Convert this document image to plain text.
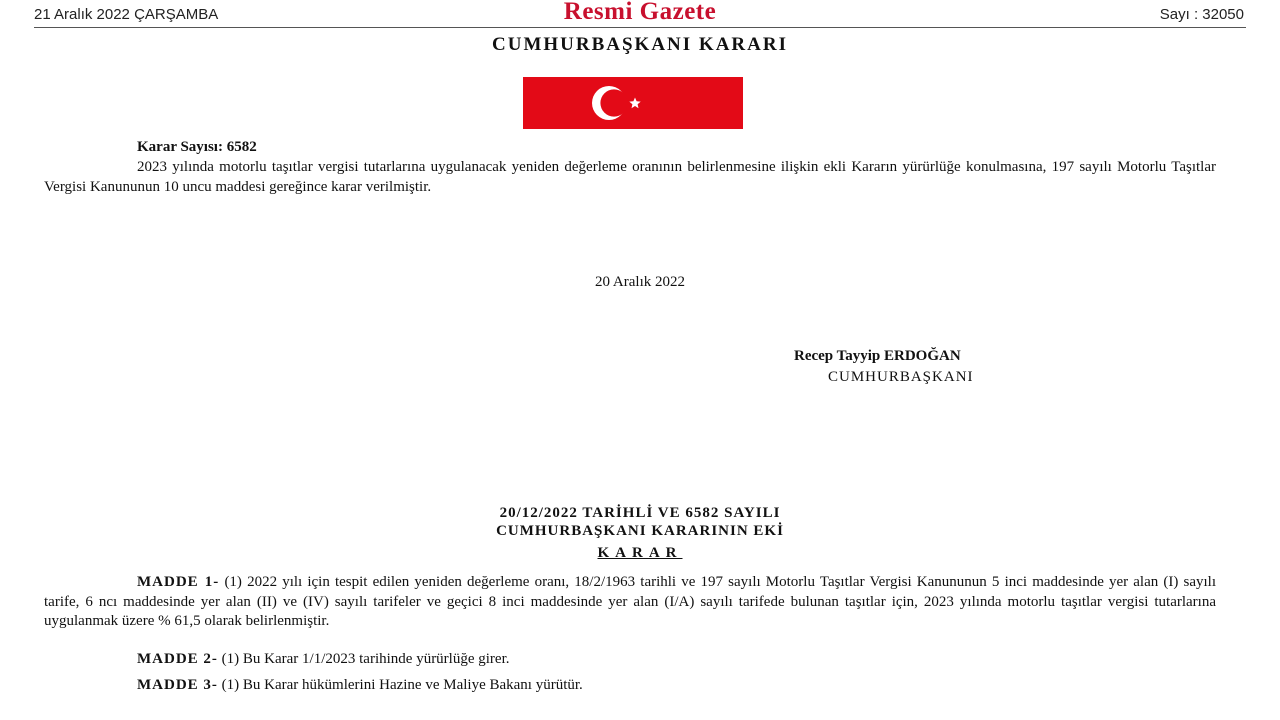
21 Aralık 2022 ÇARŞAMBA	Resmi Gazete	Sayı : 32050
CUMHURBAŞKANI KARARI
Karar Sayısı: 6582
2023 yılında motorlu taşıtlar vergisi tutarlarına uygulanacak yeniden değerleme oranının belirlenmesine ilişkin ekli Kararın yürürlüğe konulmasına, 197 sayılı Motorlu Taşıtlar Vergisi Kanununun 10 uncu maddesi gereğince karar verilmiştir.
20 Aralık 2022
Recep Tayyip ERDOĞAN
CUMHURBAŞKANI
20/12/2022 TARİHLİ VE 6582 SAYILI
CUMHURBAŞKANI KARARININ EKİ
KARAR
MADDE 1- (1) 2022 yılı için tespit edilen yeniden değerleme oranı, 18/2/1963 tarihli ve 197 sayılı Motorlu Taşıtlar Vergisi Kanununun 5 inci maddesinde yer alan (I) sayılı tarife, 6 ncı maddesinde yer alan (II) ve (IV) sayılı tarifeler ve geçici 8 inci maddesinde yer alan (I/A) sayılı tarifede bulunan taşıtlar için, 2023 yılında motorlu taşıtlar vergisi tutarlarına uygulanmak üzere % 61,5 olarak belirlenmiştir.
MADDE 2- (1) Bu Karar 1/1/2023 tarihinde yürürlüğe girer.
MADDE 3- (1) Bu Karar hükümlerini Hazine ve Maliye Bakanı yürütür.
